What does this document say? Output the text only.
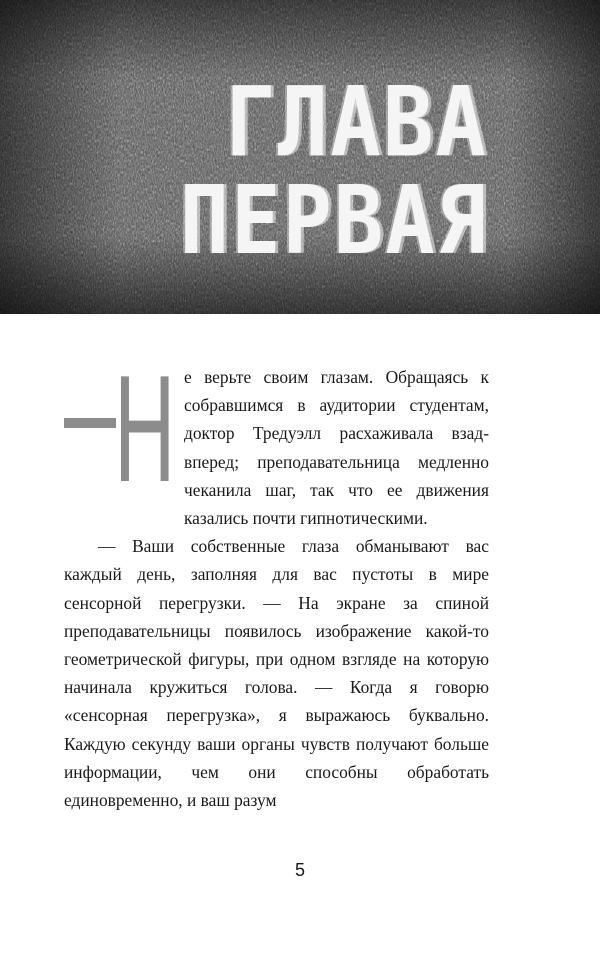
ГЛАВА
ПЕРВАЯ
Н е верьте своим глазам. Обращаясь к собравшимся в аудитории студентам, доктор Тредуэлл расхаживала взад-вперед; преподавательница медленно чеканила шаг, так что ее движения казались почти гипнотическими.

— Ваши собственные глаза обманывают вас каждый день, заполняя для вас пустоты в мире сенсорной перегрузки. — На экране за спиной преподавательницы появилось изображение какой-то геометрической фигуры, при одном взгляде на которую начинала кружиться голова. — Когда я говорю «сенсорная перегрузка», я выражаюсь буквально. Каждую секунду ваши органы чувств получают больше информации, чем они способны обработать единовременно, и ваш разум

5
